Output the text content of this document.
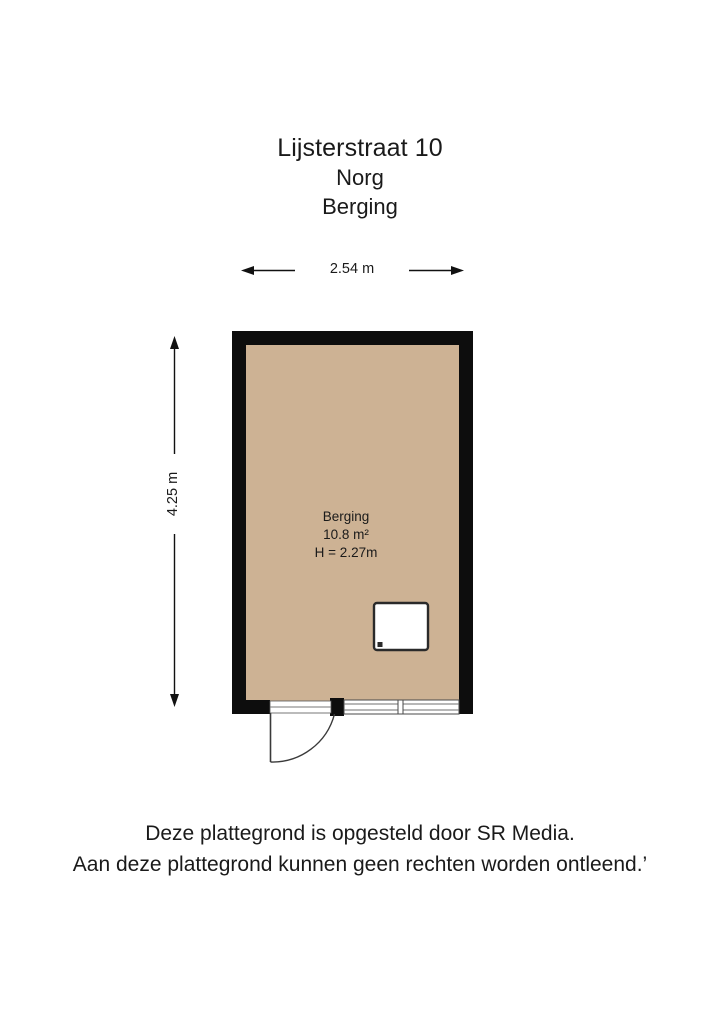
Lijsterstraat 10
Norg
Berging
2.54 m
4.25 m
Berging
10.8 m²
H = 2.27m
Deze plattegrond is opgesteld door SR Media.
Aan deze plattegrond kunnen geen rechten worden ontleend.’
